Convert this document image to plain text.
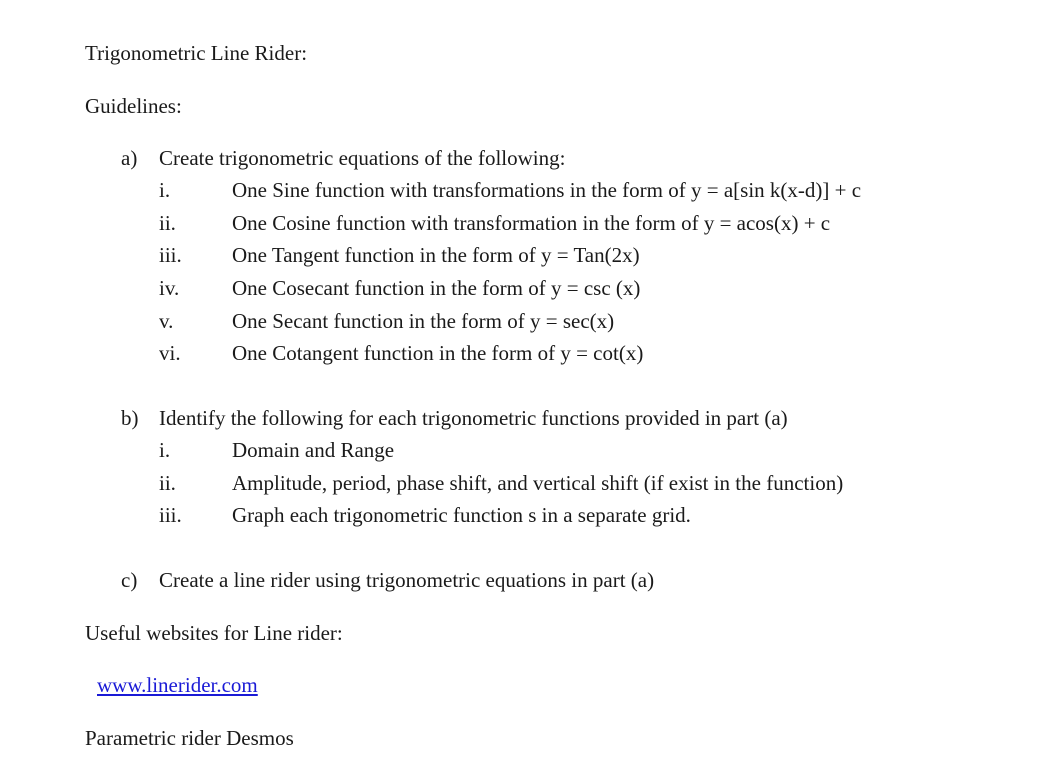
Trigonometric Line Rider:
Guidelines:
a) Create trigonometric equations of the following:
i.	One Sine function with transformations in the form of y = a[sin k(x-d)] + c
ii.	One Cosine function with transformation in the form of y = acos(x) + c
iii. One Tangent function in the form of y = Tan(2x)
iv.	One Cosecant function in the form of y = csc (x)
v.	One Secant function in the form of y = sec(x)
vi. One Cotangent function in the form of y = cot(x)
b) Identify the following for each trigonometric functions provided in part (a)
i.	Domain and Range
ii.	Amplitude, period, phase shift, and vertical shift (if exist in the function)
iii. Graph each trigonometric function s in a separate grid.
c) Create a line rider using trigonometric equations in part (a)
Useful websites for Line rider:
www.linerider.com
Parametric rider Desmos
